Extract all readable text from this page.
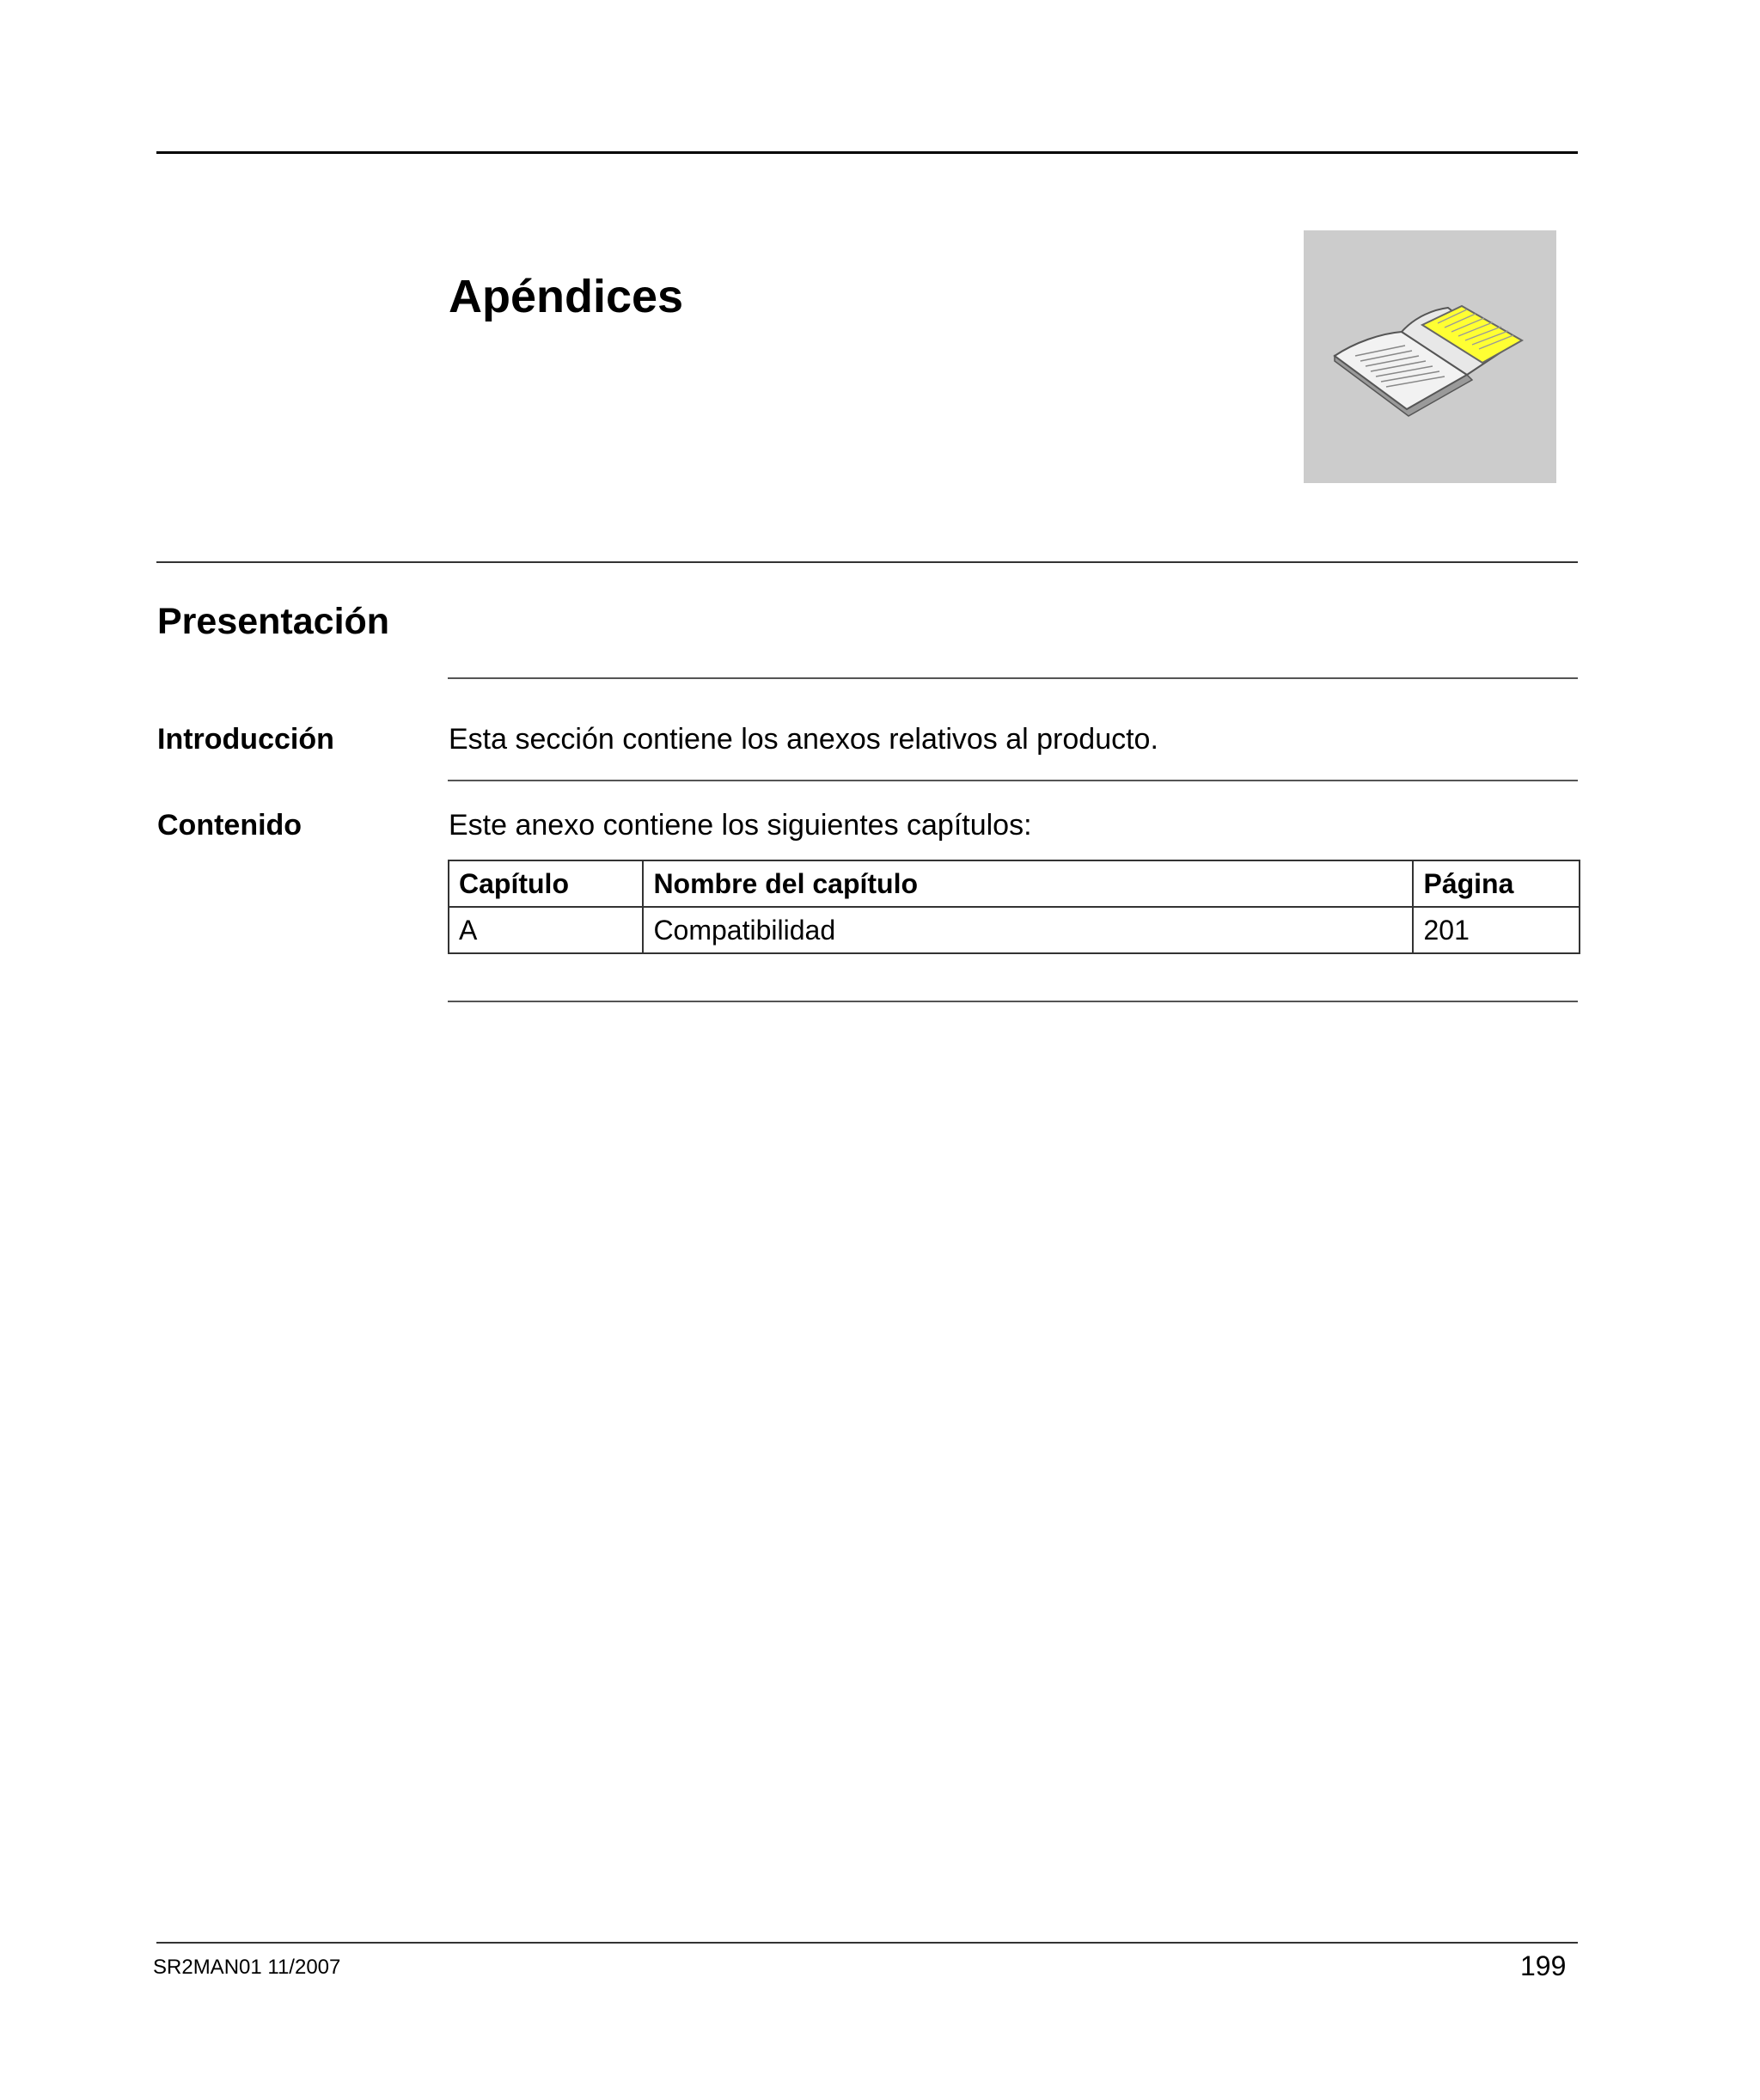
Apéndices
Presentación
Introducción	Esta sección contiene los anexos relativos al producto.
Contenido	Este anexo contiene los siguientes capítulos:
Capítulo	Nombre del capítulo	Página
A	Compatibilidad	201
SR2MAN01 11/2007	199
